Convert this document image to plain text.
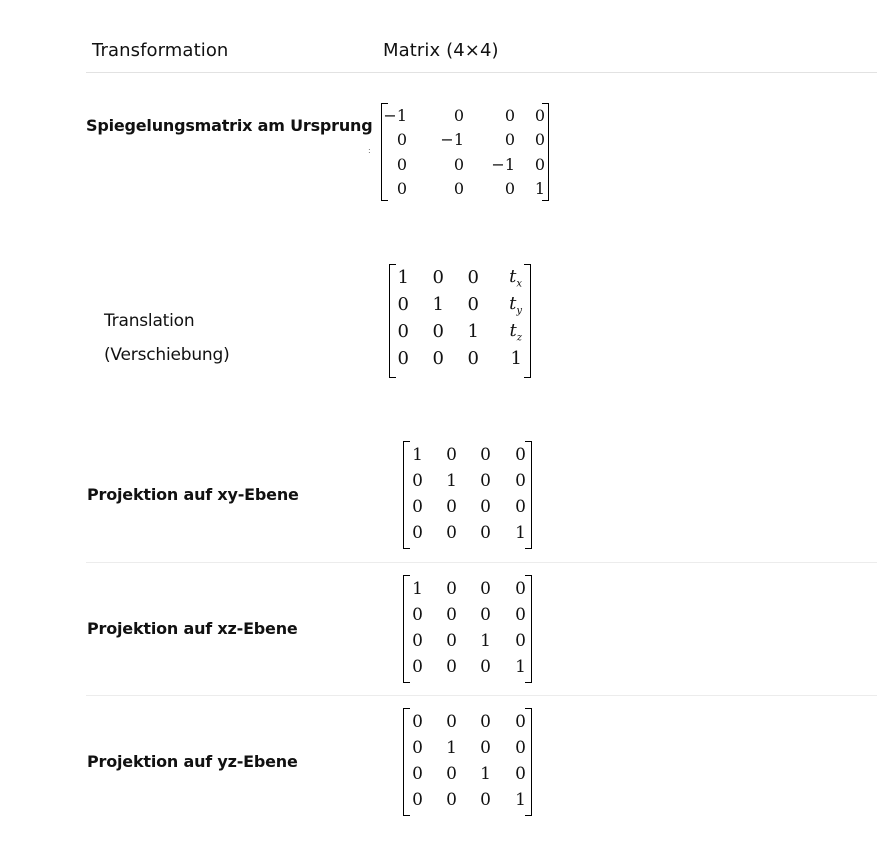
Transformation	Matrix (4×4)
Spiegelungsmatrix am Ursprung
:
−1	0	0	0
0	−1	0	0
0	0	−1	0
0	0	0	1
Translation
(Verschiebung)
1	0	0	$t_x$
0	1	0	$t_y$
0	0	1	$t_z$
0	0	0	1
Projektion auf xy-Ebene
1	0	0	0
0	1	0	0
0	0	0	0
0	0	0	1
Projektion auf xz-Ebene
1	0	0	0
0	0	0	0
0	0	1	0
0	0	0	1
Projektion auf yz-Ebene
0	0	0	0
0	1	0	0
0	0	1	0
0	0	0	1
